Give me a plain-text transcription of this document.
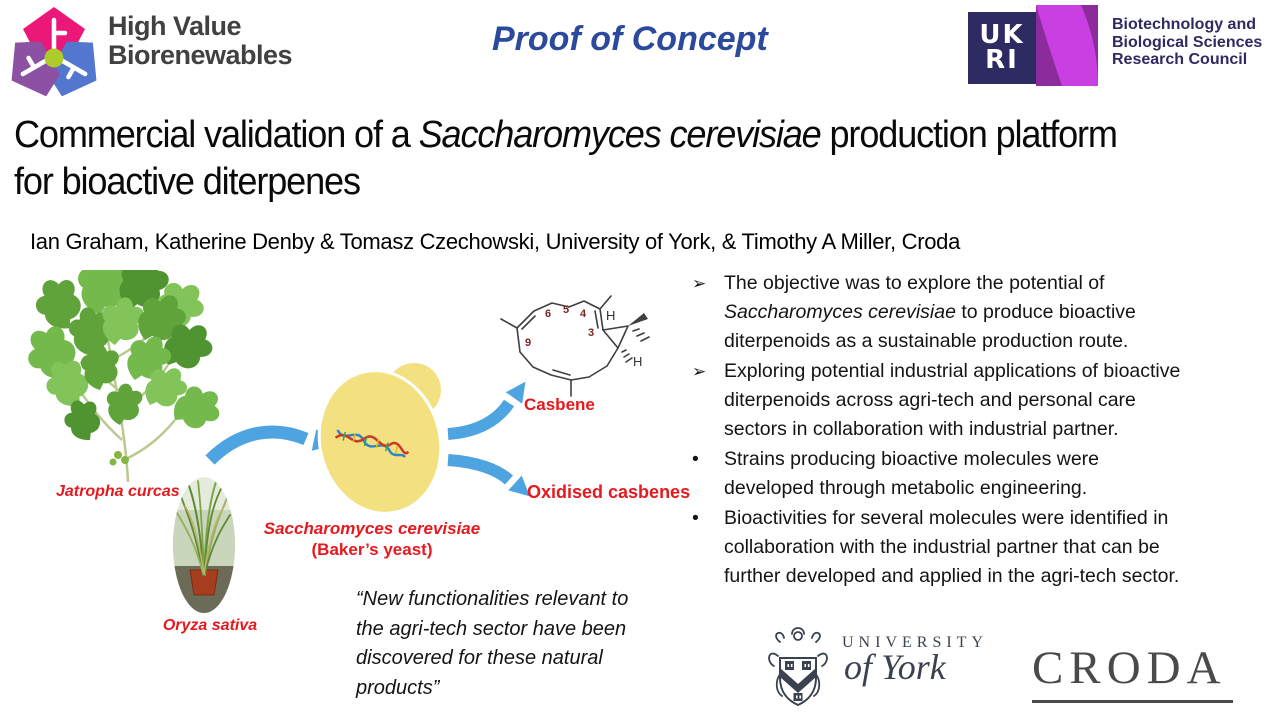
High Value
Biorenewables	Proof of Concept	UK
RI
Biotechnology and
Biological Sciences
Research Council
Commercial validation of a Saccharomyces cerevisiae production platform
for bioactive diterpenes
Ian Graham, Katherine Denby & Tomasz Czechowski, University of York, & Timothy A Miller, Croda
Jatropha curcas
Oryza sativa
Saccharomyces cerevisiae
(Baker’s yeast)
Casbene
Oxidised casbenes
H
H
6 5 4
3
9
➢ The objective was to explore the potential of
Saccharomyces cerevisiae to produce bioactive
diterpenoids as a sustainable production route.
➢ Exploring potential industrial applications of bioactive
diterpenoids across agri-tech and personal care
sectors in collaboration with industrial partner.
•	Strains producing bioactive molecules were
developed through metabolic engineering.
•	Bioactivities for several molecules were identified in
collaboration with the industrial partner that can be
further developed and applied in the agri-tech sector.
“New functionalities relevant to
the agri-tech sector have been
discovered for these natural
products”
UNIVERSITY
of York CRODA
